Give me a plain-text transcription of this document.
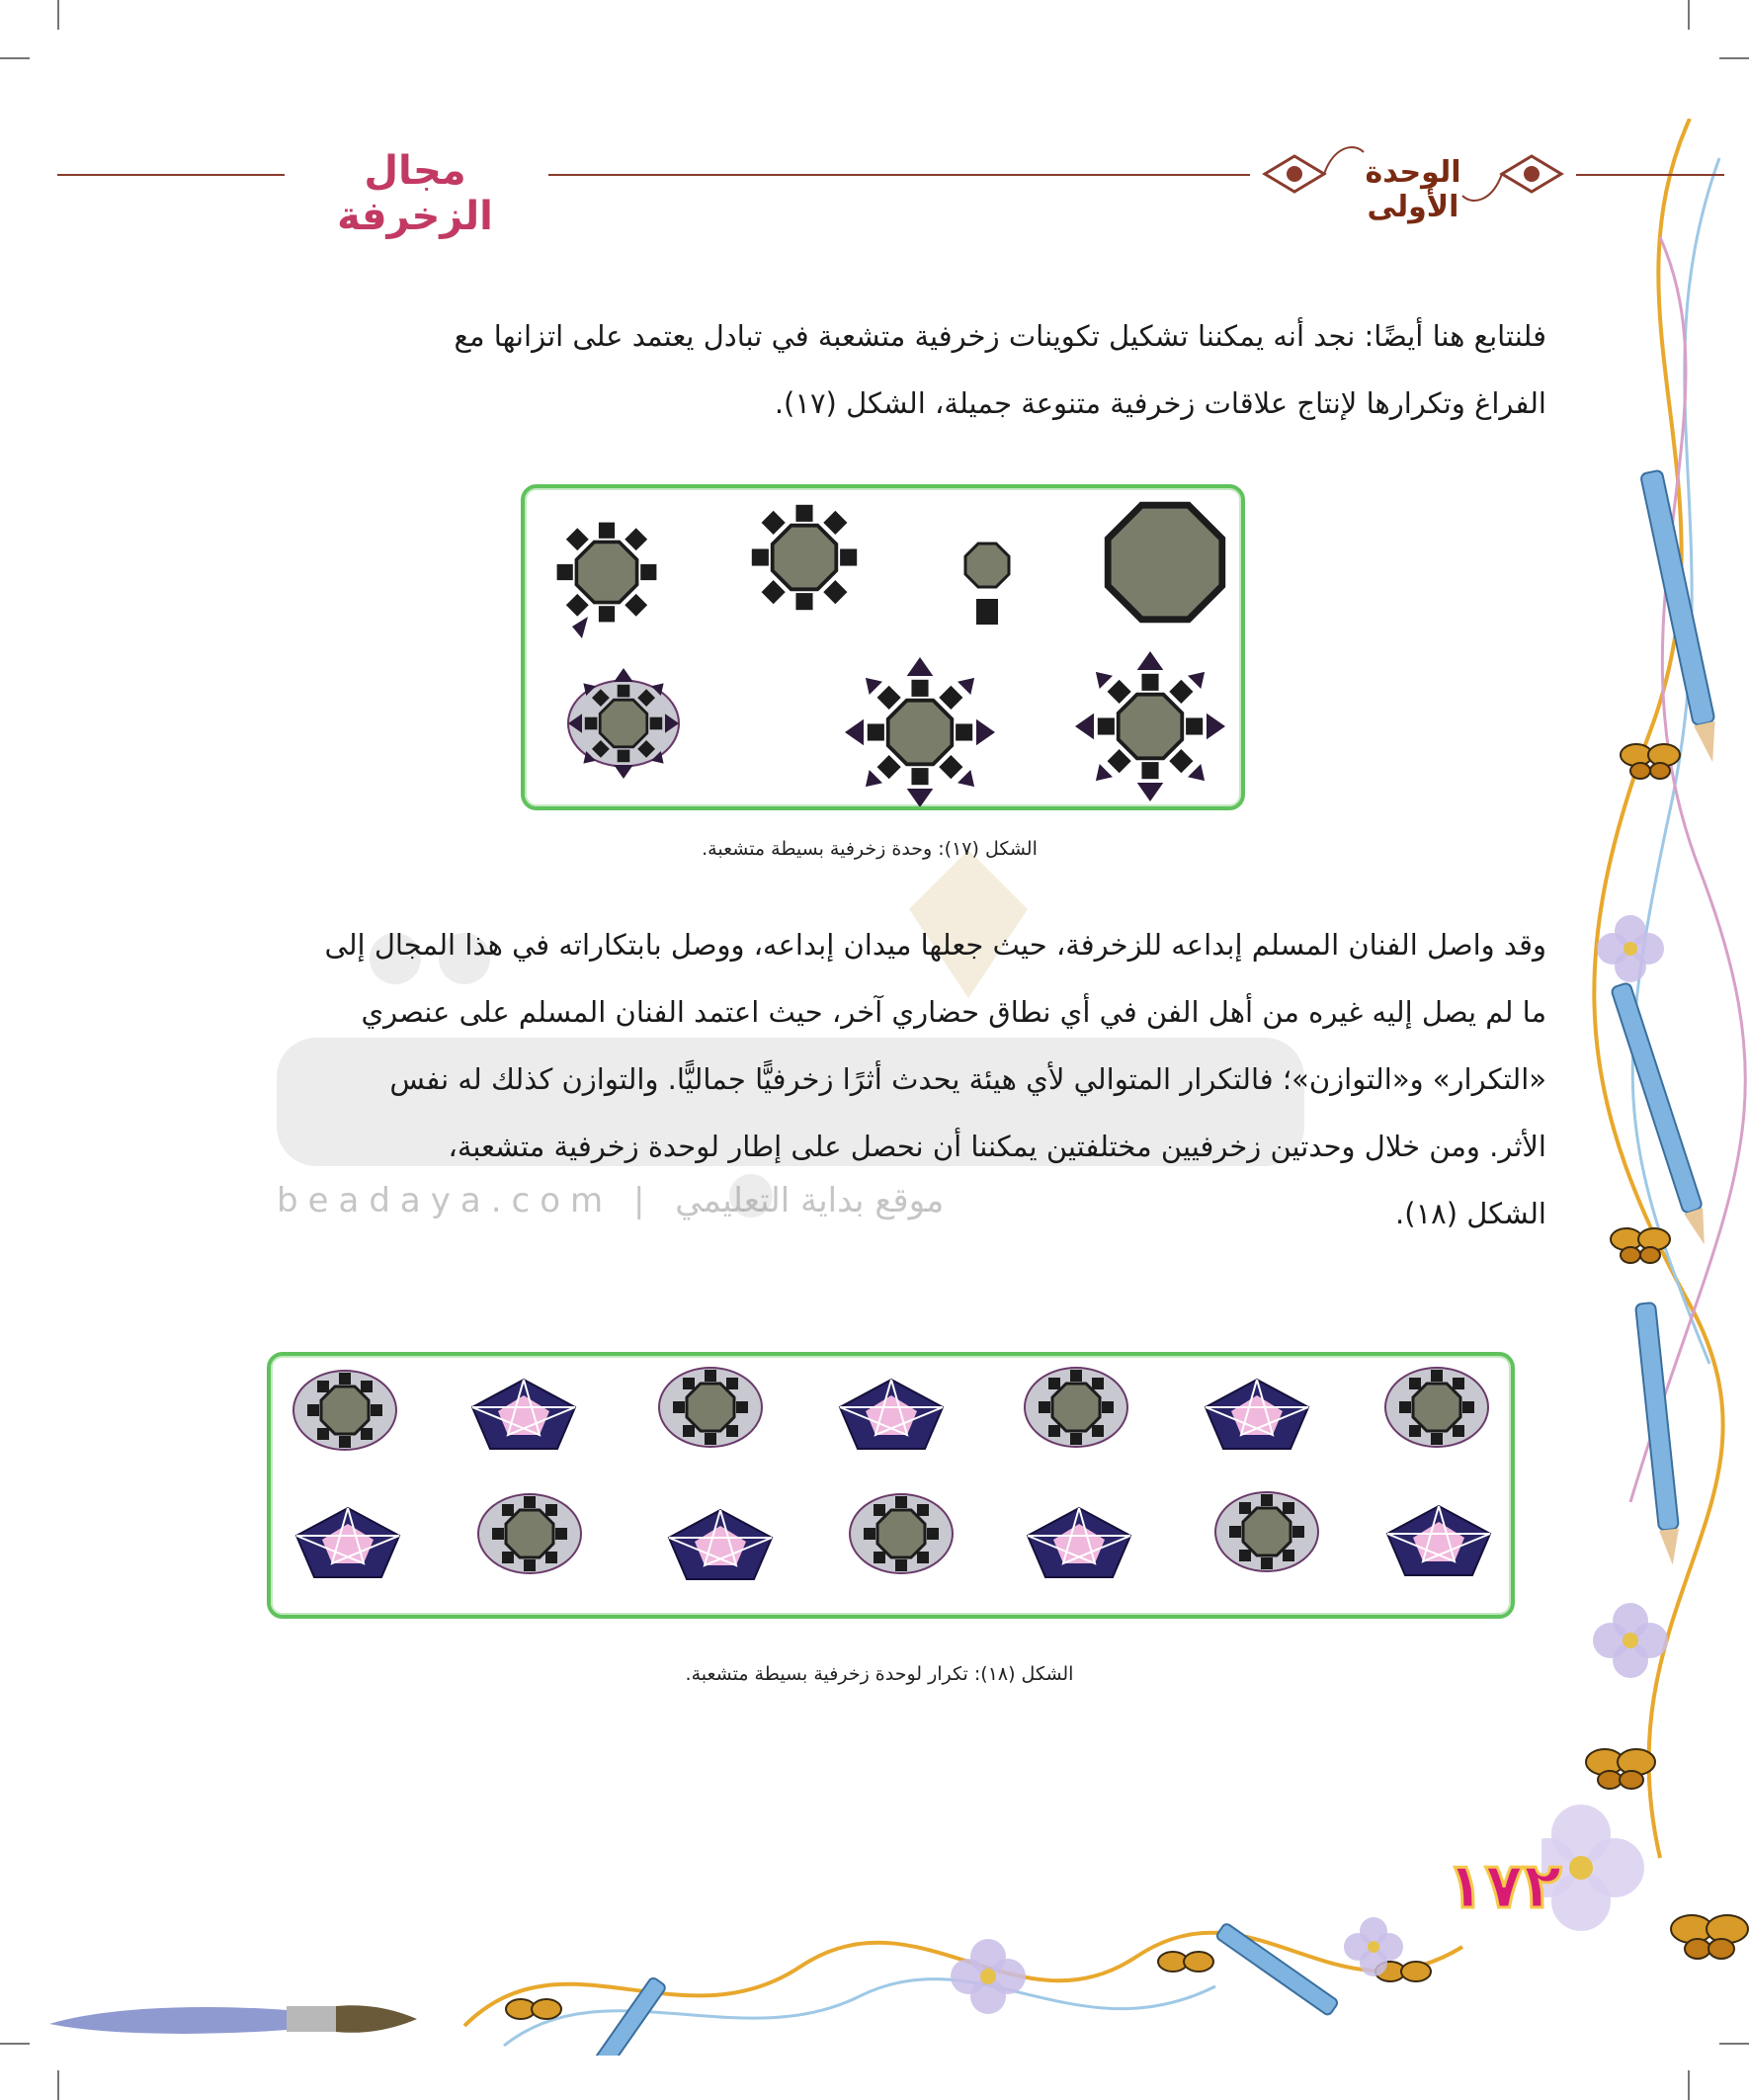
مجال الزخرفة
الوحدة الأولى
beadaya.com | موقع بداية التعليمي
فلنتابع هنا أيضًا: نجد أنه يمكننا تشكيل تكوينات زخرفية متشعبة في تبادل يعتمد على اتزانها مع
الفراغ وتكرارها لإنتاج علاقات زخرفية متنوعة جميلة، الشكل (١٧).
الشكل (١٧): وحدة زخرفية بسيطة متشعبة.
وقد واصل الفنان المسلم إبداعه للزخرفة، حيث جعلها ميدان إبداعه، ووصل بابتكاراته في هذا المجال إلى
ما لم يصل إليه غيره من أهل الفن في أي نطاق حضاري آخر، حيث اعتمد الفنان المسلم على عنصري
«التكرار» و«التوازن»؛ فالتكرار المتوالي لأي هيئة يحدث أثرًا زخرفيًّا جماليًّا. والتوازن كذلك له نفس
الأثر. ومن خلال وحدتين زخرفيين مختلفتين يمكننا أن نحصل على إطار لوحدة زخرفية متشعبة،
الشكل (١٨).
الشكل (١٨): تكرار لوحدة زخرفية بسيطة متشعبة.
١٧٢
